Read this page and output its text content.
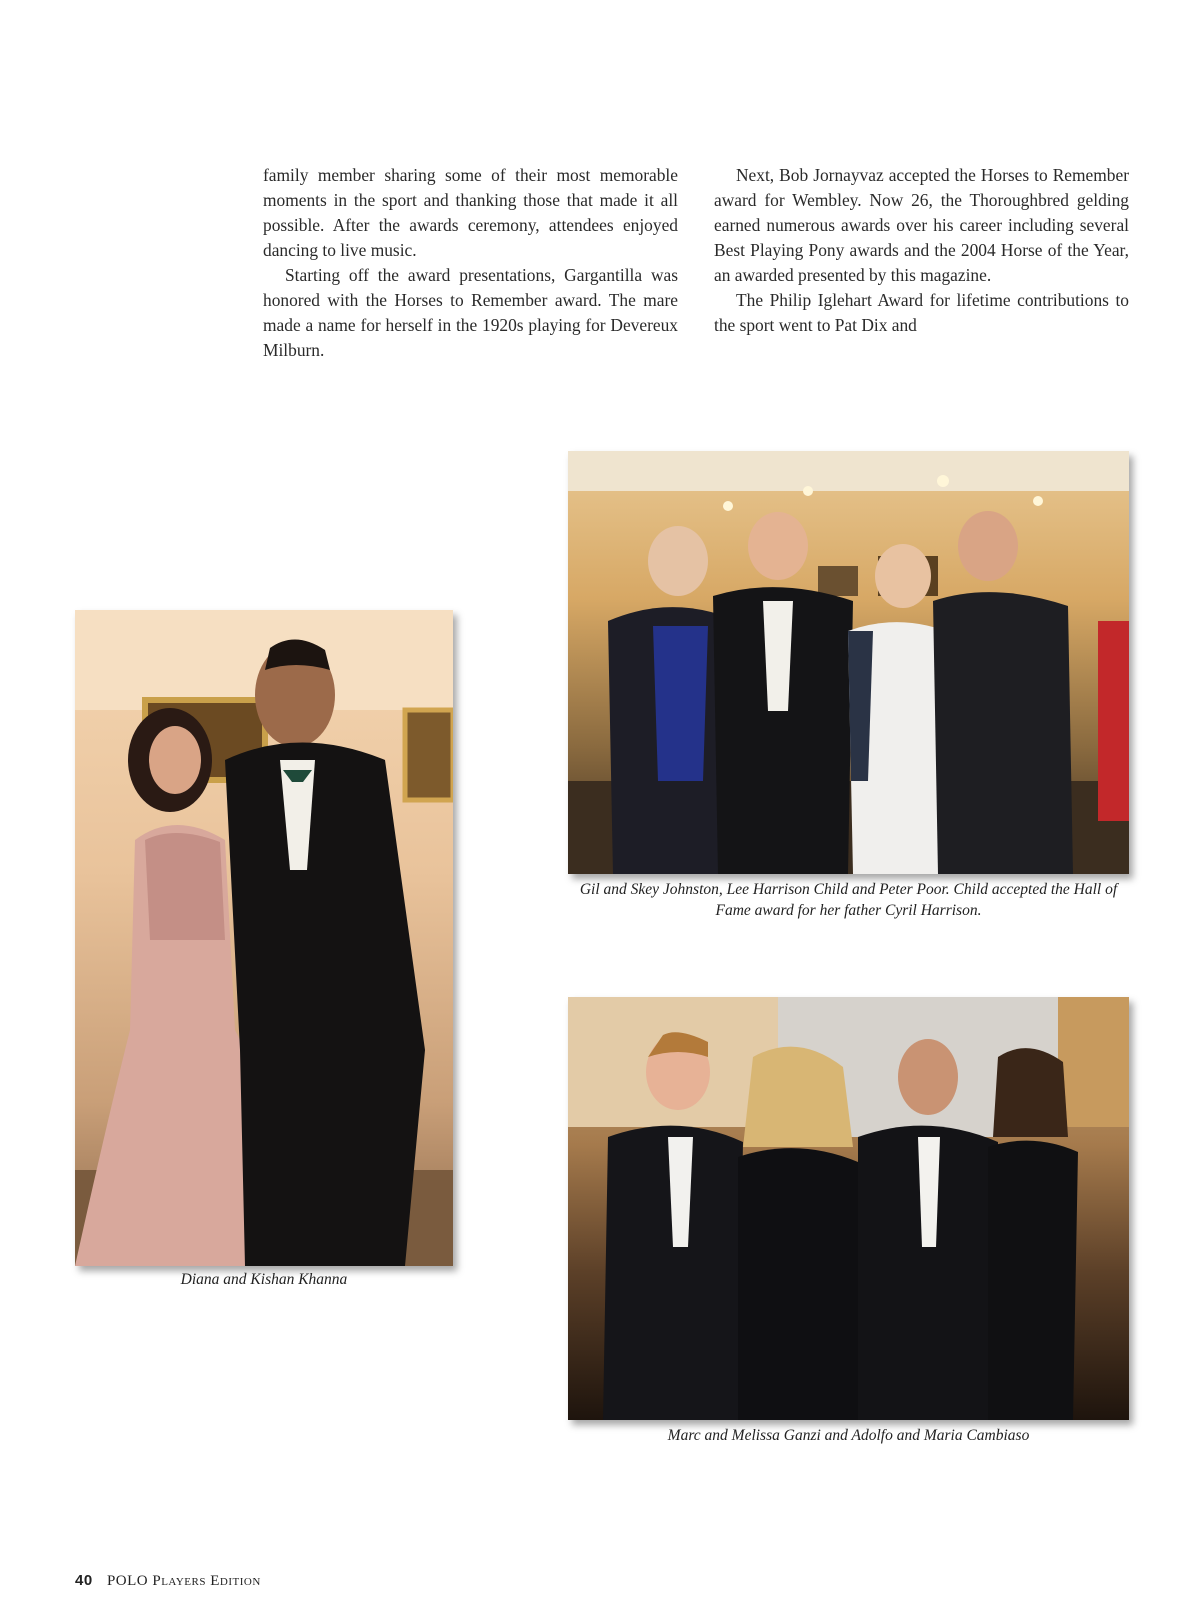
family member sharing some of their most memorable moments in the sport and thanking those that made it all possible. After the awards ceremony, attendees enjoyed dancing to live music.

Starting off the award presentations, Gargantilla was honored with the Horses to Remember award. The mare made a name for herself in the 1920s playing for Devereux Milburn.

Next, Bob Jornayvaz accepted the Horses to Remember award for Wembley. Now 26, the Thoroughbred gelding earned numerous awards over his career including several Best Playing Pony awards and the 2004 Horse of the Year, an awarded presented by this magazine.

The Philip Iglehart Award for lifetime contributions to the sport went to Pat Dix and

Diana and Kishan Khanna
Gil and Skey Johnston, Lee Harrison Child and Peter Poor. Child accepted the Hall of Fame award for her father Cyril Harrison.
Marc and Melissa Ganzi and Adolfo and Maria Cambiaso
40 POLO Players Edition
